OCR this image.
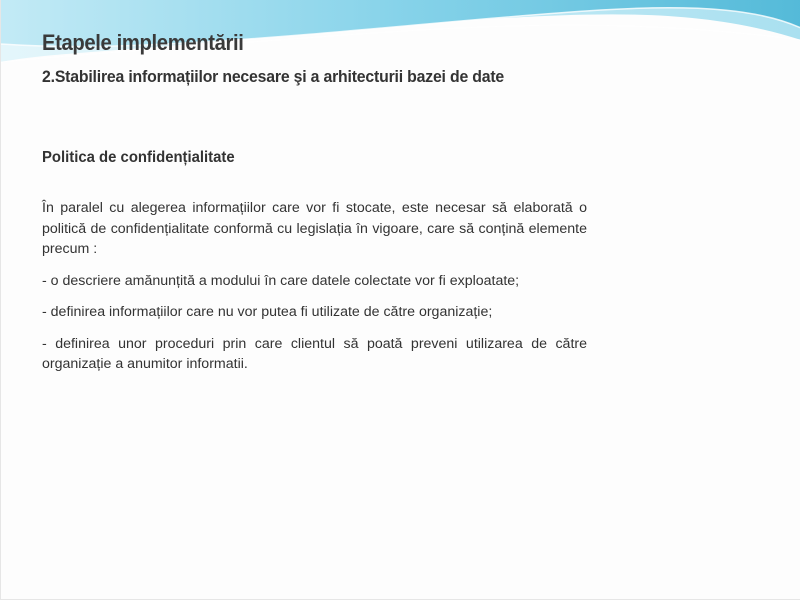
Etapele implementării
2.Stabilirea informațiilor necesare şi a arhitecturii bazei de date
Politica de confidențialitate

În paralel cu alegerea informațiilor care vor fi stocate, este necesar să elaborată o politică de confidențialitate conformă cu legislația în vigoare, care să conțină elemente precum :

- o descriere amănunțită a modului în care datele colectate vor fi exploatate;

- definirea informațiilor care nu vor putea fi utilizate de către organizație;

- definirea unor proceduri prin care clientul să poată preveni utilizarea de către organizație a anumitor informatii.
